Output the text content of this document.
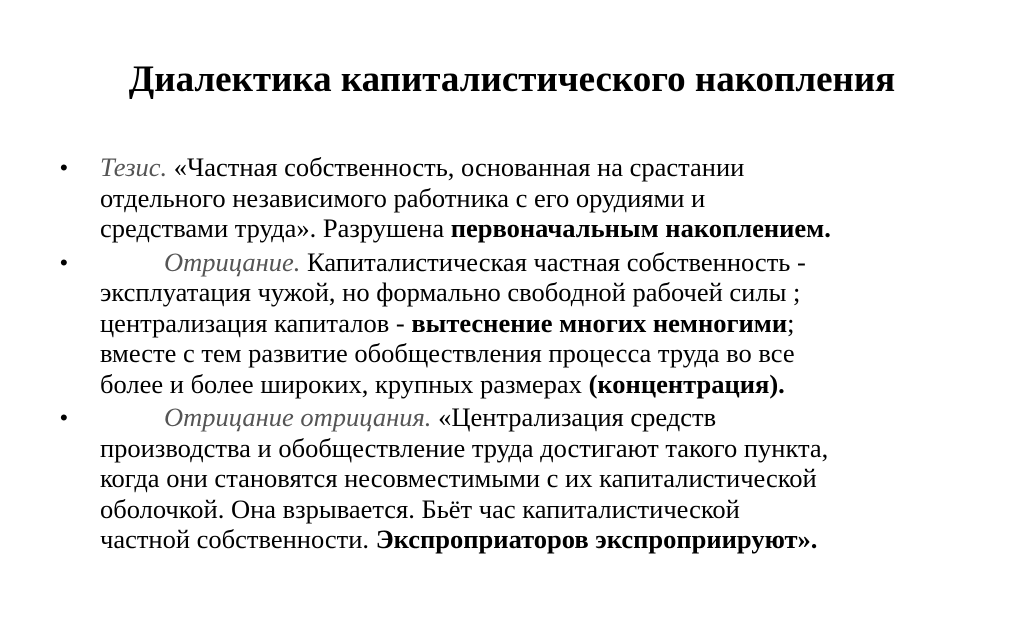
Диалектика капиталистического накопления
• Тезис. «Частная собственность, основанная на срастании
отдельного независимого работника с его орудиями и
средствами труда». Разрушена первоначальным накоплением.
•	Отрицание. Капиталистическая частная собственность -
эксплуатация чужой, но формально свободной рабочей силы ;
централизация капиталов - вытеснение многих немногими;
вместе с тем развитие обобществления процесса труда во все
более и более широких, крупных размерах (концентрация).
•	Отрицание отрицания. «Централизация средств
производства и обобществление труда достигают такого пункта,
когда они становятся несовместимыми с их капиталистической
оболочкой. Она взрывается. Бьёт час капиталистической
частной собственности. Экспроприаторов экспроприируют».
